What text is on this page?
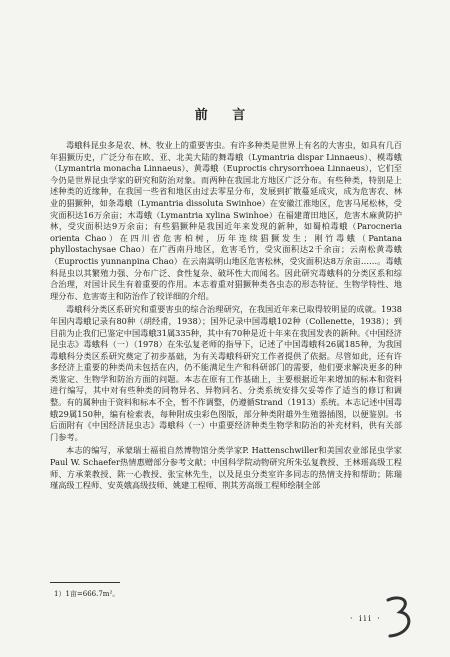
前 言

毒蛾科昆虫多是农、林、牧业上的重要害虫。有许多种类是世界上有名的大害虫，如具有几百年猖獗历史，广泛分布在欧、亚、北美大陆的舞毒蛾（Lymantria dispar Linnaeus）、模毒蛾（Lymantria monacha Linnaeus）、黄毒蛾（Euproctis chrysorrhoea Linnaeus），它们至今仍是世界昆虫学家的研究和防治对象。而两种在我国北方地区广泛分布。有些种类，特别是上述种类的近缘种，在我国一些省和地区由过去零星分布，发展到扩散蔓延成灾，成为危害农、林业的猖獗种，如条毒蛾（Lymantria dissoluta Swinhoe）在安徽江淮地区，危害马尾松林，受灾面积达16万余亩；木毒蛾（Lymantria xylina Swinhoe）在福建莆田地区，危害木麻黄防护林，受灾面积达9万余亩；有些猖獗种是我国近年来发现的新种，如蜀柏毒蛾（Parocneria orienta Chao）在四川省危害柏树，历年连续猖獗发生；刚竹毒蛾（Pantana phyllostachysae Chao）在广西南丹地区，危害毛竹，受灾面积达2千余亩；云南松黄毒蛾（Euproctis yunnanpina Chao）在云南嵩明山地区危害松林，受灾面积达8万余亩……。毒蛾科昆虫以其繁殖力强、分布广泛、食性复杂、破坏性大而闻名。因此研究毒蛾科的分类区系和综合治理，对国计民生有着重要的作用。本志着重对猖獗种类各虫态的形态特征、生物学特性、地理分布、危害寄主和防治作了较详细的介绍。

毒蛾科分类区系研究和重要害虫的综合治理研究，在我国近年来已取得较明显的成就。1938年国内毒蛾记录有80种（胡经甫，1938）；国外记录中国毒蛾102种（Collenette，1938）；到目前为止我们已鉴定中国毒蛾31属335种，其中有70种是近十年来在我国发表的新种。《中国经济昆虫志》毒蛾科（一）（1978）在朱弘复老师的指导下，记述了中国毒蛾科26属185种，为我国毒蛾科分类区系研究奠定了初步基础，为有关毒蛾科研究工作者提供了依据。尽管如此，还有许多经济上重要的种类尚未包括在内，仍不能满足生产和科研部门的需要，他们要求解决更多的种类鉴定、生物学和防治方面的问题。本志在原有工作基础上，主要根据近年来增加的标本和资料进行编写，其中对有些种类的同物异名、异物同名、分类系统安排欠妥等作了适当的修订和调整。有的属种由于资料和标本不全，暂不作调整，仍遵循Strand（1913）系统。本志记述中国毒蛾29属150种，编有检索表，每种附成虫彩色图版，部分种类附雄外生殖器插图，以便鉴别。书后面附有《中国经济昆虫志》毒蛾科（一）中重要经济种类生物学和防治的补充材料，供有关部门参考。

本志的编写，承蒙瑞士福祖自然博物馆分类学家P. Hattenschwiller和美国农业部昆虫学家Paul W. Schaefer热情惠赠部分参考文献；中国科学院动物研究所朱弘复教授、王林瑶高级工程师、方承莱教授、陈一心教授、张宝林先生，以及昆虫分类室许多同志的热情支持和帮助；陈瑞瑾高级工程师、安英娥高级技师、姚建工程师、荆其芳高级工程师绘制全部

1）1亩=666.7m²。
· iii ·
